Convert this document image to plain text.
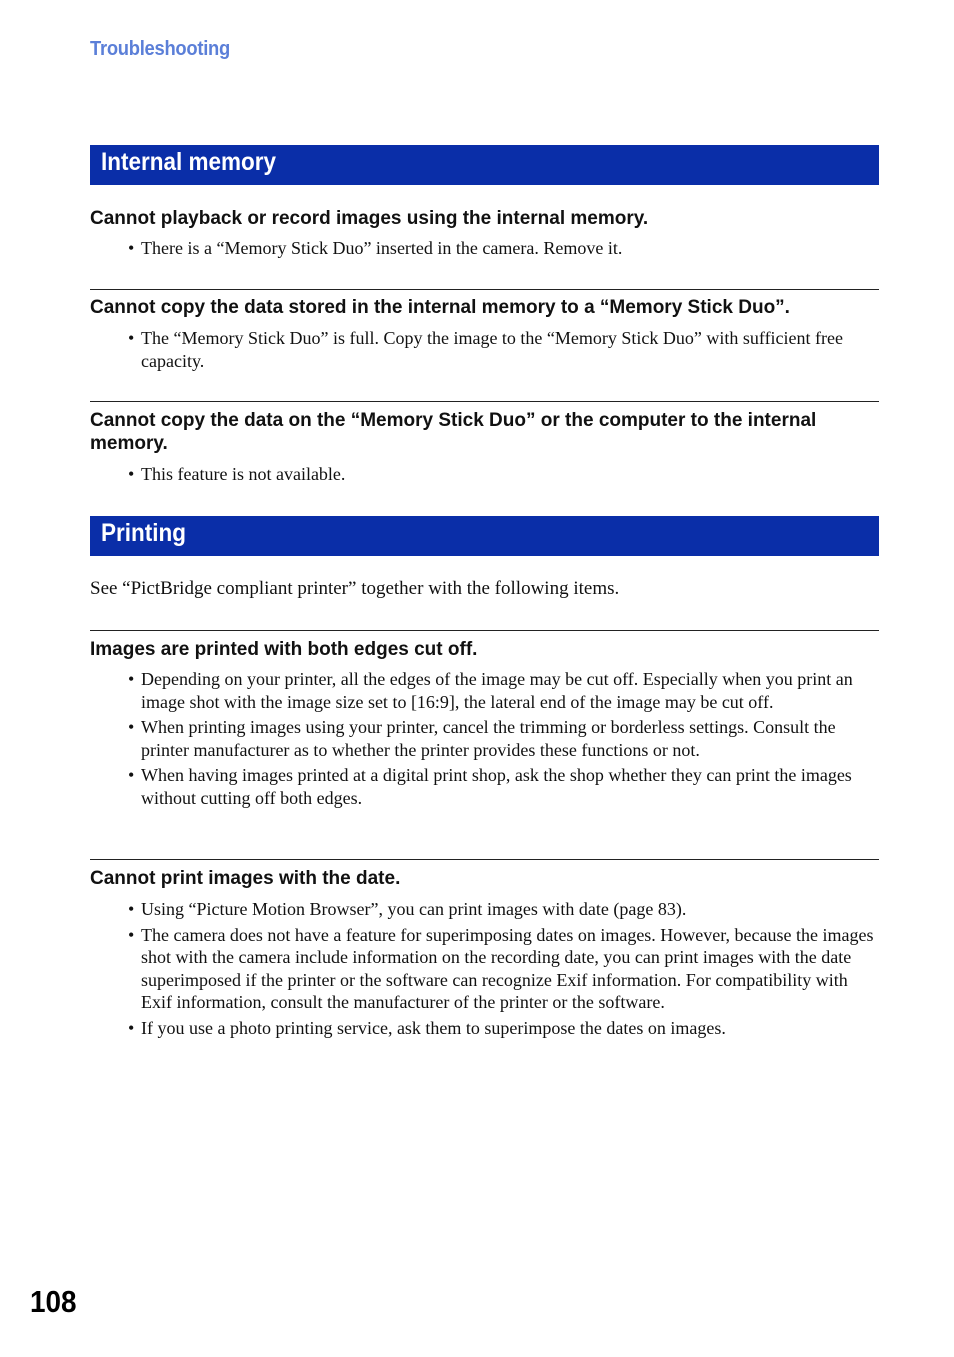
Troubleshooting
Internal memory
Cannot playback or record images using the internal memory.
• There is a “Memory Stick Duo” inserted in the camera. Remove it.
Cannot copy the data stored in the internal memory to a “Memory Stick Duo”.
• The “Memory Stick Duo” is full. Copy the image to the “Memory Stick Duo” with sufficient free capacity.
Cannot copy the data on the “Memory Stick Duo” or the computer to the internal memory.
• This feature is not available.
Printing
See “PictBridge compliant printer” together with the following items.
Images are printed with both edges cut off.
• Depending on your printer, all the edges of the image may be cut off. Especially when you print an image shot with the image size set to [16:9], the lateral end of the image may be cut off.
• When printing images using your printer, cancel the trimming or borderless settings. Consult the printer manufacturer as to whether the printer provides these functions or not.
• When having images printed at a digital print shop, ask the shop whether they can print the images without cutting off both edges.
Cannot print images with the date.
• Using “Picture Motion Browser”, you can print images with date (page 83).
• The camera does not have a feature for superimposing dates on images. However, because the images shot with the camera include information on the recording date, you can print images with the date superimposed if the printer or the software can recognize Exif information. For compatibility with Exif information, consult the manufacturer of the printer or the software.
• If you use a photo printing service, ask them to superimpose the dates on images.
108
